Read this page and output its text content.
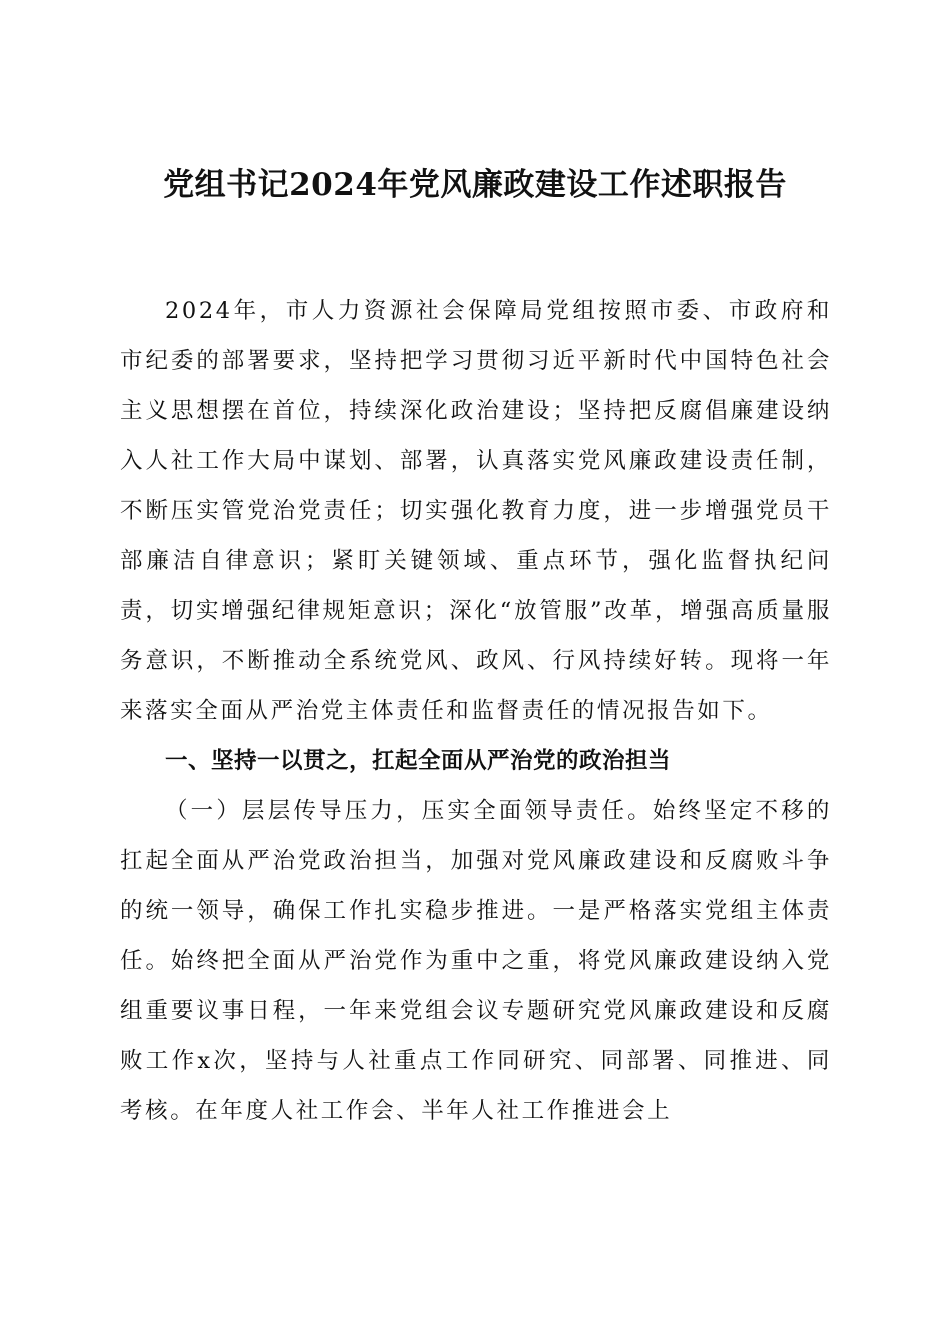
党组书记2024年党风廉政建设工作述职报告

2024年，市人力资源社会保障局党组按照市委、市政府和市纪委的部署要求，坚持把学习贯彻习近平新时代中国特色社会主义思想摆在首位，持续深化政治建设；坚持把反腐倡廉建设纳入人社工作大局中谋划、部署，认真落实党风廉政建设责任制，不断压实管党治党责任；切实强化教育力度，进一步增强党员干部廉洁自律意识；紧盯关键领域、重点环节，强化监督执纪问责，切实增强纪律规矩意识；深化“放管服”改革，增强高质量服务意识，不断推动全系统党风、政风、行风持续好转。现将一年来落实全面从严治党主体责任和监督责任的情况报告如下。

一、坚持一以贯之，扛起全面从严治党的政治担当

（一）层层传导压力，压实全面领导责任。始终坚定不移的扛起全面从严治党政治担当，加强对党风廉政建设和反腐败斗争的统一领导，确保工作扎实稳步推进。一是严格落实党组主体责任。始终把全面从严治党作为重中之重，将党风廉政建设纳入党组重要议事日程，一年来党组会议专题研究党风廉政建设和反腐败工作x次，坚持与人社重点工作同研究、同部署、同推进、同考核。在年度人社工作会、半年人社工作推进会上
